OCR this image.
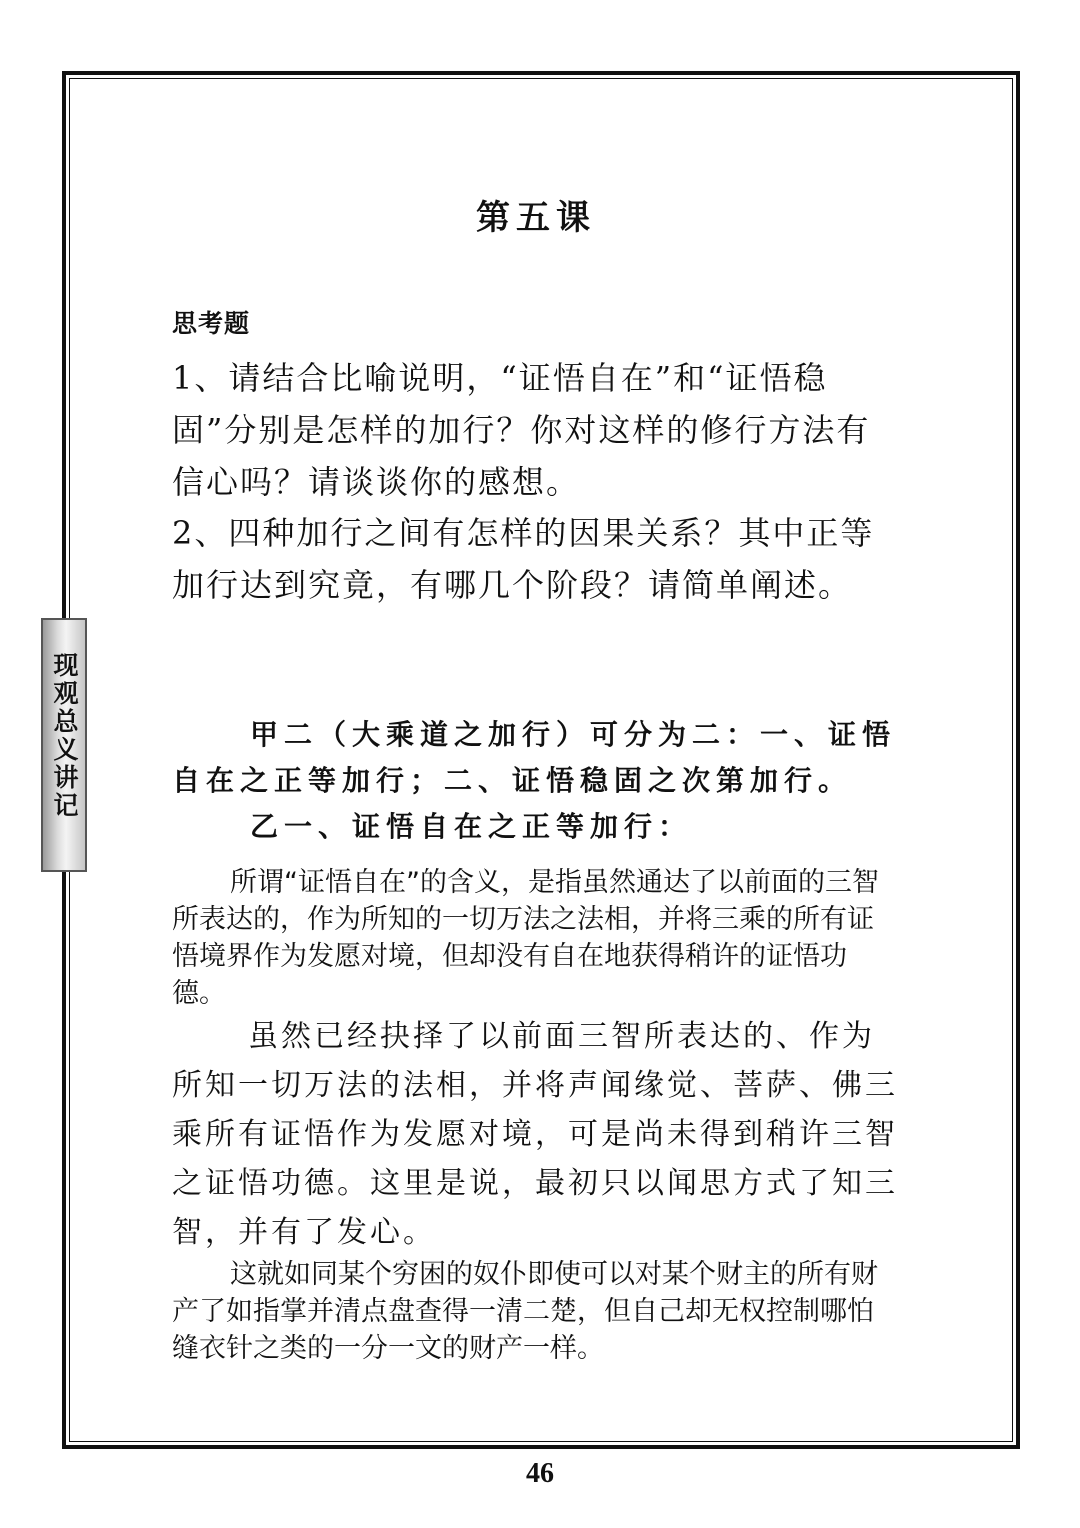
现观总义讲记
第五课
思考题
1、请结合比喻说明，“证悟自在”和“证悟稳固”分别是怎样的加行？你对这样的修行方法有信心吗？请谈谈你的感想。
2、四种加行之间有怎样的因果关系？其中正等加行达到究竟，有哪几个阶段？请简单阐述。

甲二（大乘道之加行）可分为二：一、证悟自在之正等加行；二、证悟稳固之次第加行。

乙一、证悟自在之正等加行：

所谓“证悟自在”的含义，是指虽然通达了以前面的三智所表达的，作为所知的一切万法之法相，并将三乘的所有证悟境界作为发愿对境，但却没有自在地获得稍许的证悟功德。

虽然已经抉择了以前面三智所表达的、作为所知一切万法的法相，并将声闻缘觉、菩萨、佛三乘所有证悟作为发愿对境，可是尚未得到稍许三智之证悟功德。这里是说，最初只以闻思方式了知三智，并有了发心。

这就如同某个穷困的奴仆即使可以对某个财主的所有财产了如指掌并清点盘查得一清二楚，但自己却无权控制哪怕缝衣针之类的一分一文的财产一样。

46
